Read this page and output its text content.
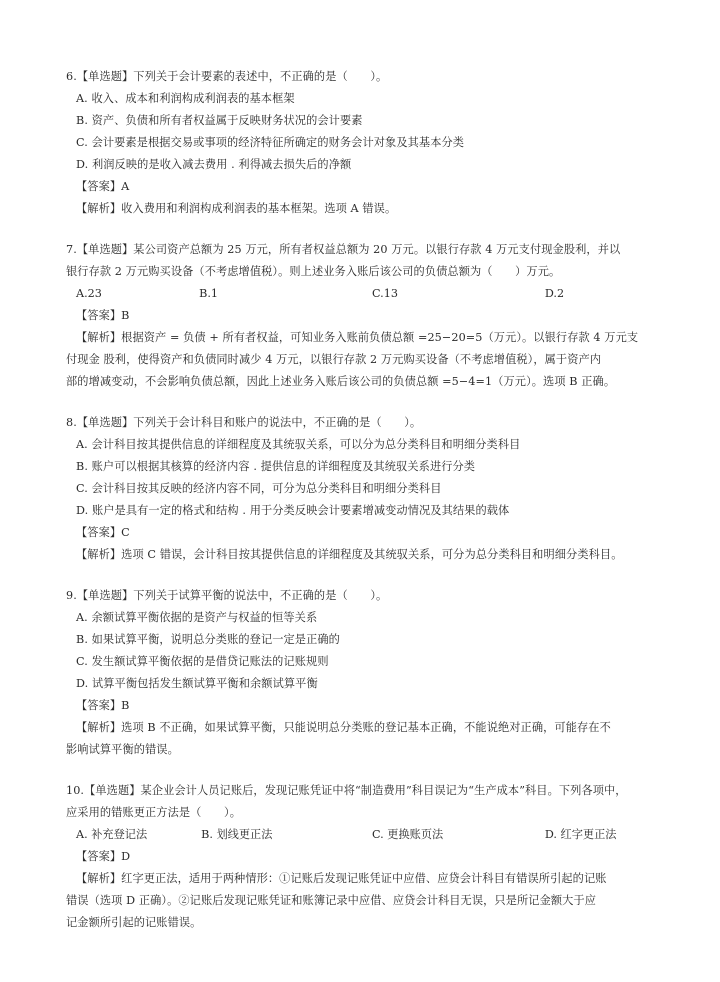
6.【单选题】下列关于会计要素的表述中，不正确的是（　　）。
A. 收入、成本和利润构成利润表的基本框架
B. 资产、负债和所有者权益属于反映财务状况的会计要素
C. 会计要素是根据交易或事项的经济特征所确定的财务会计对象及其基本分类
D. 利润反映的是收入减去费用 . 利得减去损失后的净额
【答案】A
【解析】收入费用和利润构成利润表的基本框架。选项 A 错误。
7.【单选题】某公司资产总额为 25 万元，所有者权益总额为 20 万元。以银行存款 4 万元支付现金股利，并以
银行存款 2 万元购买设备（不考虑增值税）。则上述业务入账后该公司的负债总额为（　　）万元。
A.23	B.1	C.13	D.2
【答案】B
【解析】根据资产 = 负债 + 所有者权益，可知业务入账前负债总额 =25−20=5（万元）。以银行存款 4 万元支
付现金 股利，使得资产和负债同时减少 4 万元，以银行存款 2 万元购买设备（不考虑增值税），属于资产内
部的增减变动，不会影响负债总额，因此上述业务入账后该公司的负债总额 =5−4=1（万元）。选项 B 正确。
8.【单选题】下列关于会计科目和账户的说法中，不正确的是（　　）。
A. 会计科目按其提供信息的详细程度及其统驭关系，可以分为总分类科目和明细分类科目
B. 账户可以根据其核算的经济内容 . 提供信息的详细程度及其统驭关系进行分类
C. 会计科目按其反映的经济内容不同，可分为总分类科目和明细分类科目
D. 账户是具有一定的格式和结构 . 用于分类反映会计要素增减变动情况及其结果的载体
【答案】C
【解析】选项 C 错误，会计科目按其提供信息的详细程度及其统驭关系，可分为总分类科目和明细分类科目。
9.【单选题】下列关于试算平衡的说法中，不正确的是（　　）。
A. 余额试算平衡依据的是资产与权益的恒等关系
B. 如果试算平衡，说明总分类账的登记一定是正确的
C. 发生额试算平衡依据的是借贷记账法的记账规则
D. 试算平衡包括发生额试算平衡和余额试算平衡
【答案】B
【解析】选项 B 不正确，如果试算平衡，只能说明总分类账的登记基本正确，不能说绝对正确，可能存在不
影响试算平衡的错误。
10.【单选题】某企业会计人员记账后，发现记账凭证中将“制造费用”科目误记为“生产成本”科目。下列各项中，
应采用的错账更正方法是（　　）。
A. 补充登记法	B. 划线更正法	C. 更换账页法	D. 红字更正法
【答案】D
【解析】红字更正法，适用于两种情形：①记账后发现记账凭证中应借、应贷会计科目有错误所引起的记账
错误（选项 D 正确）。②记账后发现记账凭证和账簿记录中应借、应贷会计科目无误，只是所记金额大于应
记金额所引起的记账错误。
